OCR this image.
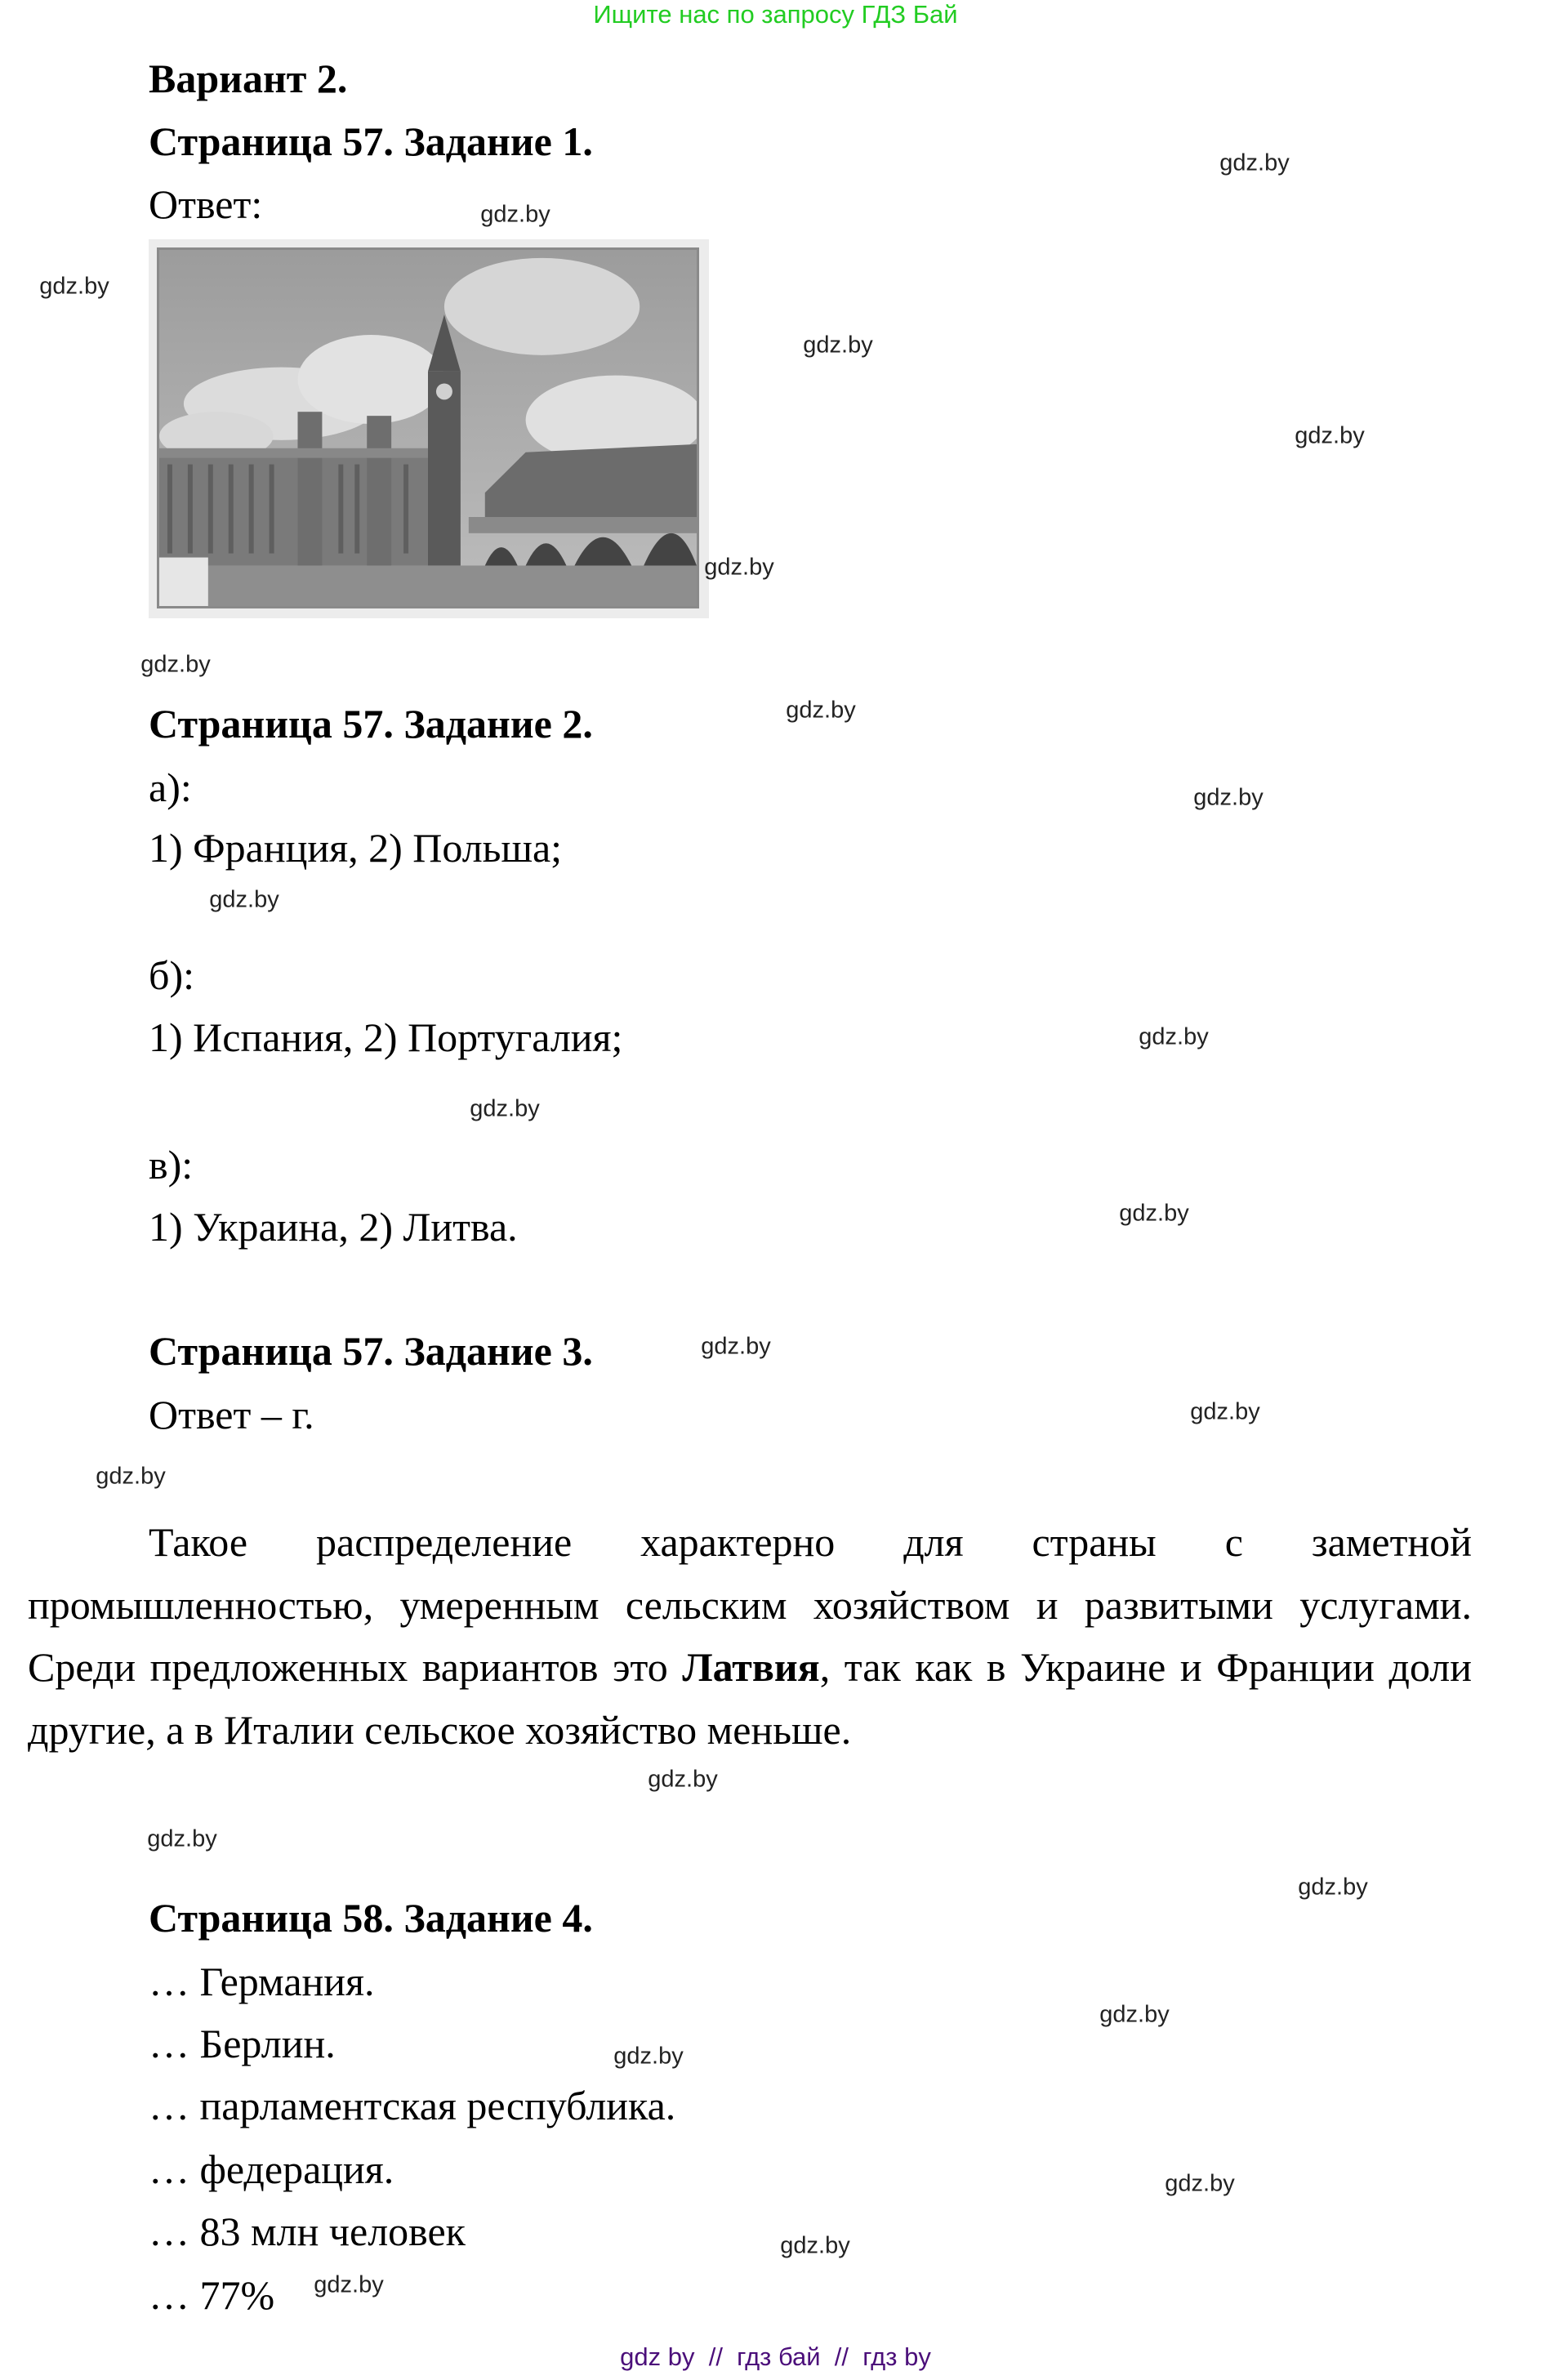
Ищите нас по запросу ГДЗ Бай
Вариант 2.
Страница 57. Задание 1.
Ответ:
Страница 57. Задание 2.
а):
1) Франция, 2) Польша;
б):
1) Испания, 2) Португалия;
в):
1) Украина, 2) Литва.
Страница 57. Задание 3.
Ответ – г.
Такое распределение характерно для страны с заметной промышленностью, умеренным сельским хозяйством и развитыми услугами. Среди предложенных вариантов это Латвия, так как в Украине и Франции доли другие, а в Италии сельское хозяйство меньше.
Страница 58. Задание 4.
… Германия.
… Берлин.
… парламентская республика.
… федерация.
… 83 млн человек
… 77%
gdz.by
gdz.by
gdz.by
gdz.by
gdz.by
gdz.by
gdz.by
gdz.by
gdz.by
gdz.by
gdz.by
gdz.by
gdz.by
gdz.by
gdz.by
gdz.by
gdz.by
gdz.by
gdz.by
gdz.by
gdz.by
gdz.by
gdz.by
gdz.by
gdz by  //  гдз бай  //  гдз by
